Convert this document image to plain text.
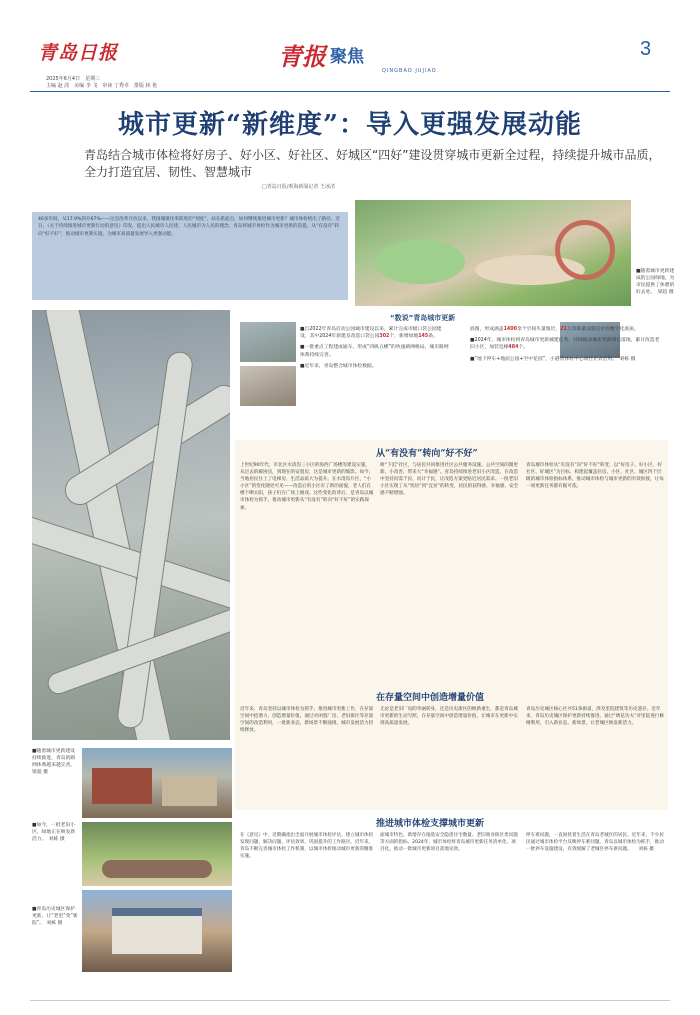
青岛日报
2025年6月4日　星期三
主编 赵 淡　美编 李 飞　审读 丁秀卓　排版 林 艳
青报 聚焦
QINGBAO JUJIAO
3
城市更新“新维度”：导入更强发展动能

青岛结合城市体检将好房子、好小区、好社区、好城区“四好”建设贯穿城市更新全过程，持续提升城市品质，全力打造宜居、韧性、智慧城市

□青岛日报/观海新闻记者 王冰清
40多年间，从17.9%到开67%——这是改革开放以来，我国城镇化率跃进的“刻度”。站在新起点，如何继续推进城市更新？城市体检给出了路径。近日，《关于持续推进城市更新行动的意见》印发，提出人民城市人民建、人民城市为人民的理念。青岛将城市体检作为城市更新的前提，从“有没有”转向“好不好”，推动城市更新实施，为城市高质量发展导入更强动能。
■随着城市更新建成的公园绿地，为市民提供了休憩的好去处。　梁超 摄
“数说”青岛城市更新

■自2022年青岛启动公园城市建设以来，累计完成市级口袋公园建设，其中2024年新建及改造口袋公园302个，新增绿地145条。

■一批重点工程建成通车，形成“四纵五横”的快速路网格局，城市路网体系持续完善。

■近年来，青岛整合城市体检数据。

底图，形成涵盖1400余个空间失量图层，21万余条量设施点位的数字化底座。

■2024年，城市体检将青岛城市更新城建任务，共同推动城市更新项目落地，累计改造老旧小区，加装电梯484个。

■“地下停车+地面公园+空中花园”，小港湾体检中心项目正式启用。　刘栋 摄

从“有没有”转向“好不好”
上世纪90年代，市北区水清沟三小区的海西广场楼等建设实施，从过去的解困房，到现在的安置房，这是城市更新的缩影。如今，当地居民住上了电梯房，生活品质大为提升。在水清沟片区，“小小区”的变化随处可见——改造后的小区有了新的面貌，老人们在楼下晒太阳，孩子们在广场上嬉戏。这些变化的背后，是青岛以城市体检为抓手，推动城市更新从“有没有”转向“好不好”的实践探索。
师“下沉”社区，与居民共同推进社区公共服务设施、公共空间的微更新。小改善，带来大“幸福感”。青岛持续推进老旧小区改造，在改造中坚持问需于民、问计于民，让改造方案更贴近居民需求。一批老旧小区实现了从“忧居”到“宜居”的转变，居民的获得感、幸福感、安全感不断增强。
青岛城市体检从“有没有”向“好不好”转变，以“好房子、好小区、好社区、好城区”为目标，构建起覆盖住房、小区、社区、城区四个层级的城市体检指标体系，推动城市体检与城市更新的有效衔接，让每一项更新任务都有据可依。
在存量空间中创造增量价值
近年来，青岛坚持以城市体检为抓手，推进城市更新工作，在存量空间中挖潜力、创造增量价值。通过对闲置厂房、老旧街区等存量空间的改造利用，一批新业态、新场景不断涌现，城市发展活力持续释放。
无论是老旧厂房的华丽转身，还是历史街区的焕新重生，都是青岛城市更新的生动写照。在存量空间中创造增量价值，让城市在更新中实现高质量发展。
青岛历史城区核心区共51条街道，涉及里院建筑等历史遗存。近年来，青岛历史城区保护更新持续推进，通过“绣花功夫”对里院进行修缮利用，引入新业态、新场景，让老城区焕发新活力。
推进城市体检支撑城市更新
在《意见》中，近期确指出全面开展城市体检评估，建立城市体检发现问题、解决问题、评估效果、巩固提升的工作路径。近年来，青岛不断完善城市体检工作机制，以城市体检推动城市更新的精准实施。
面城市特色，新增存在地基安全隐患住宅数量、老旧商业街区类问题等方面的指标。2024年，城市体检将青岛城市更新任务清单化、项目化，推动一批城市更新项目落地见效。
停车难问题，一直困扰着生活在青岛老城区的居民。近年来，不少居民通过城市体检平台反映停车难问题。青岛以城市体检为抓手，推动一批停车设施建设，有效缓解了老城区停车难问题。　　刘栋 摄
■随着城市更新建设持续推进，青岛的路网体系越来越完善。　梁超 摄
■如今，一批老旧小区、绿地正在焕发新活力。　刘栋 摄
■青岛历史城区保护更新，让“老里”变“新院”。　刘栋 摄
